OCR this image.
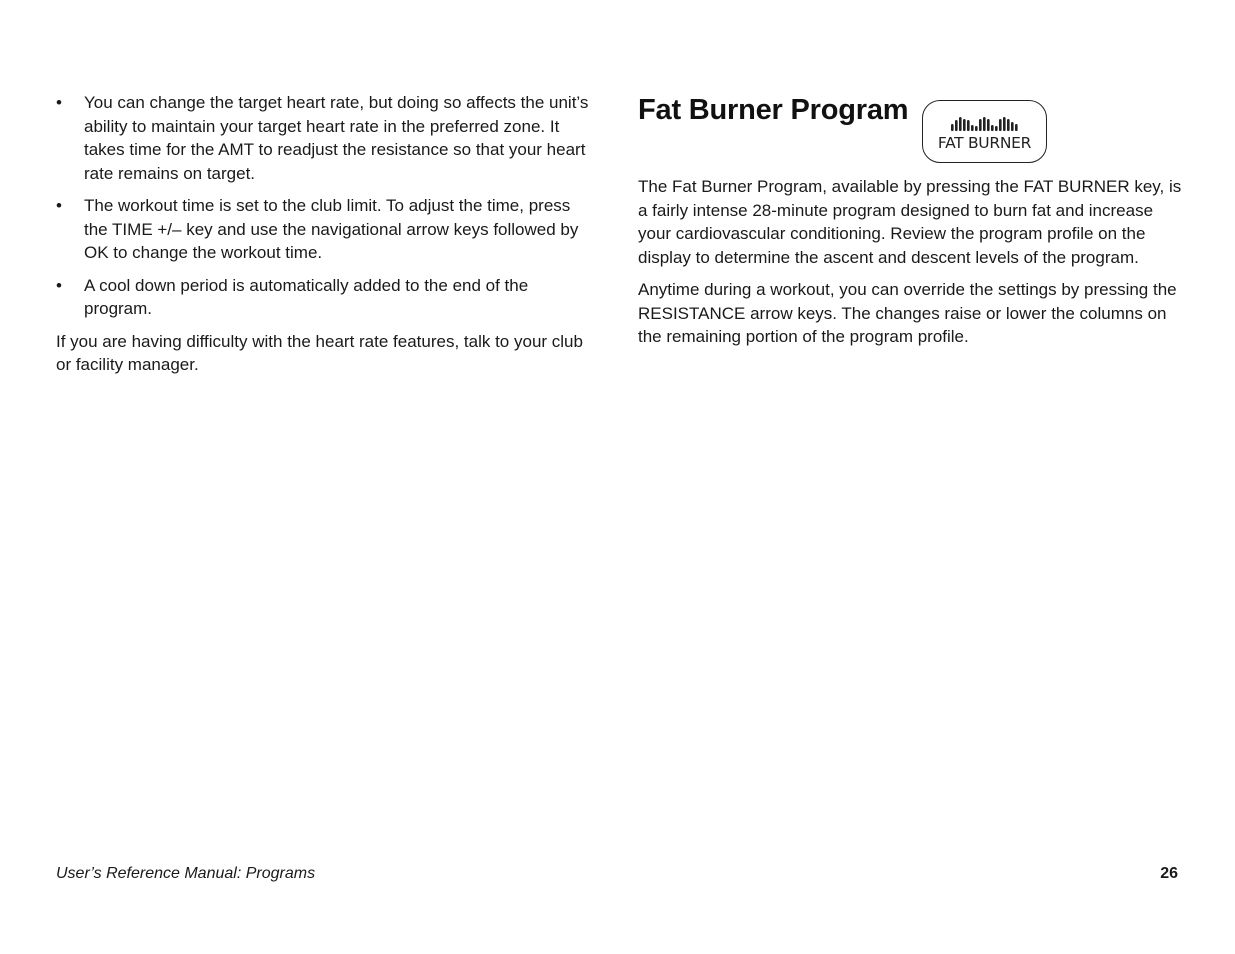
• You can change the target heart rate, but doing so affects the unit’s ability to maintain your target heart rate in the preferred zone. It takes time for the AMT to readjust the resistance so that your heart rate remains on target.
• The workout time is set to the club limit. To adjust the time, press the TIME +/– key and use the navigational arrow keys followed by OK to change the workout time.
• A cool down period is automatically added to the end of the program.

If you are having difficulty with the heart rate features, talk to your club or facility manager.

Fat Burner Program
FAT BURNER

The Fat Burner Program, available by pressing the FAT BURNER key, is a fairly intense 28-minute program designed to burn fat and increase your cardiovascular conditioning. Review the program profile on the display to determine the ascent and descent levels of the program.

Anytime during a workout, you can override the settings by pressing the RESISTANCE arrow keys. The changes raise or lower the columns on the remaining portion of the program profile.

User’s Reference Manual: Programs	26
